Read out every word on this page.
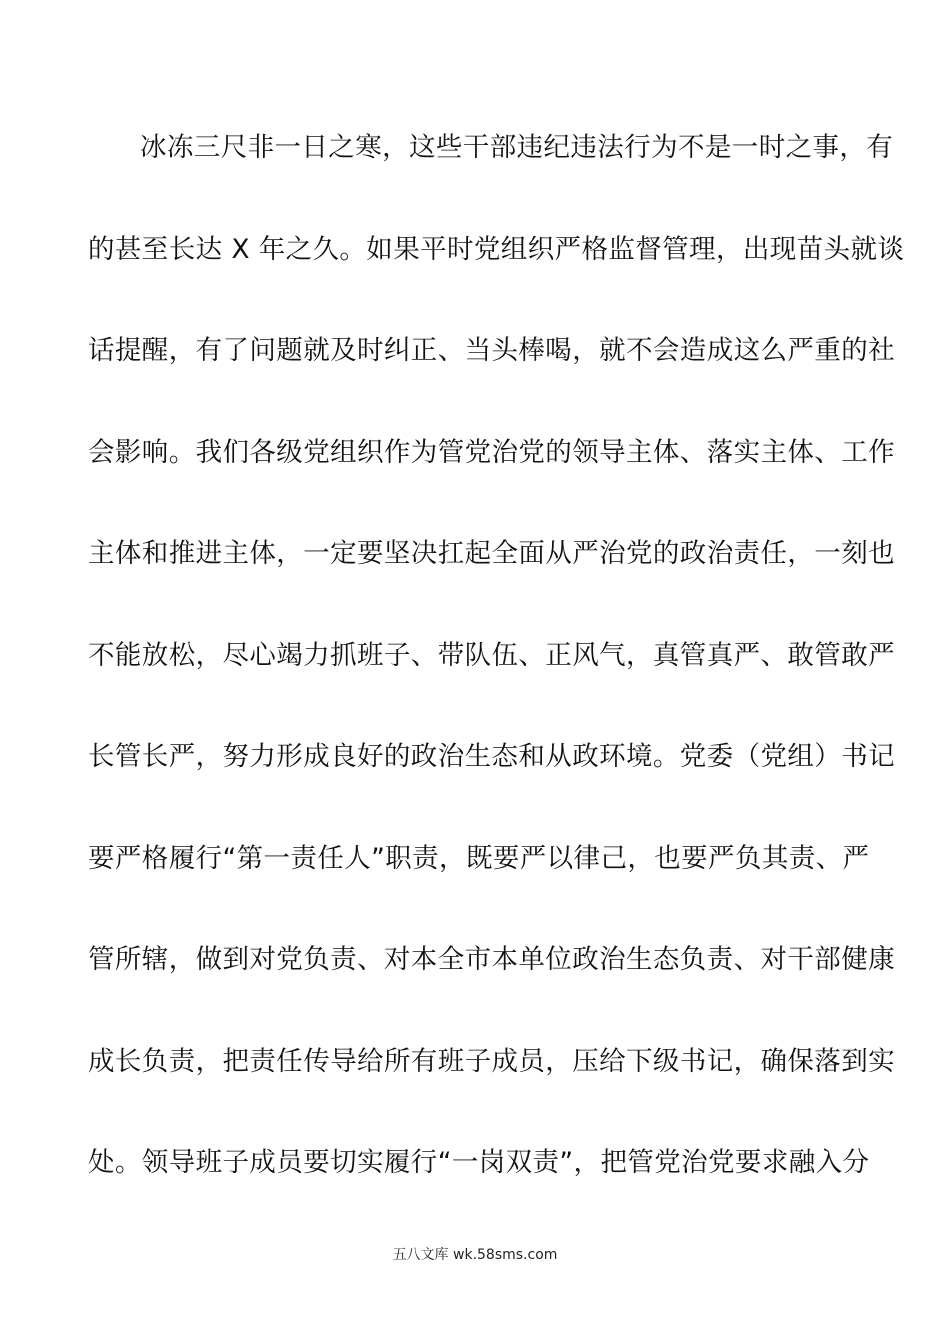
冰冻三尺非一日之寒，这些干部违纪违法行为不是一时之事，有
的甚至长达 X 年之久。如果平时党组织严格监督管理，出现苗头就谈
话提醒，有了问题就及时纠正、当头棒喝，就不会造成这么严重的社
会影响。我们各级党组织作为管党治党的领导主体、落实主体、工作
主体和推进主体，一定要坚决扛起全面从严治党的政治责任，一刻也
不能放松，尽心竭力抓班子、带队伍、正风气，真管真严、敢管敢严
长管长严，努力形成良好的政治生态和从政环境。党委（党组）书记
要严格履行“第一责任人”职责，既要严以律己，也要严负其责、严
管所辖，做到对党负责、对本全市本单位政治生态负责、对干部健康
成长负责，把责任传导给所有班子成员，压给下级书记，确保落到实
处。领导班子成员要切实履行“一岗双责”，把管党治党要求融入分
五八文库 wk.58sms.com
